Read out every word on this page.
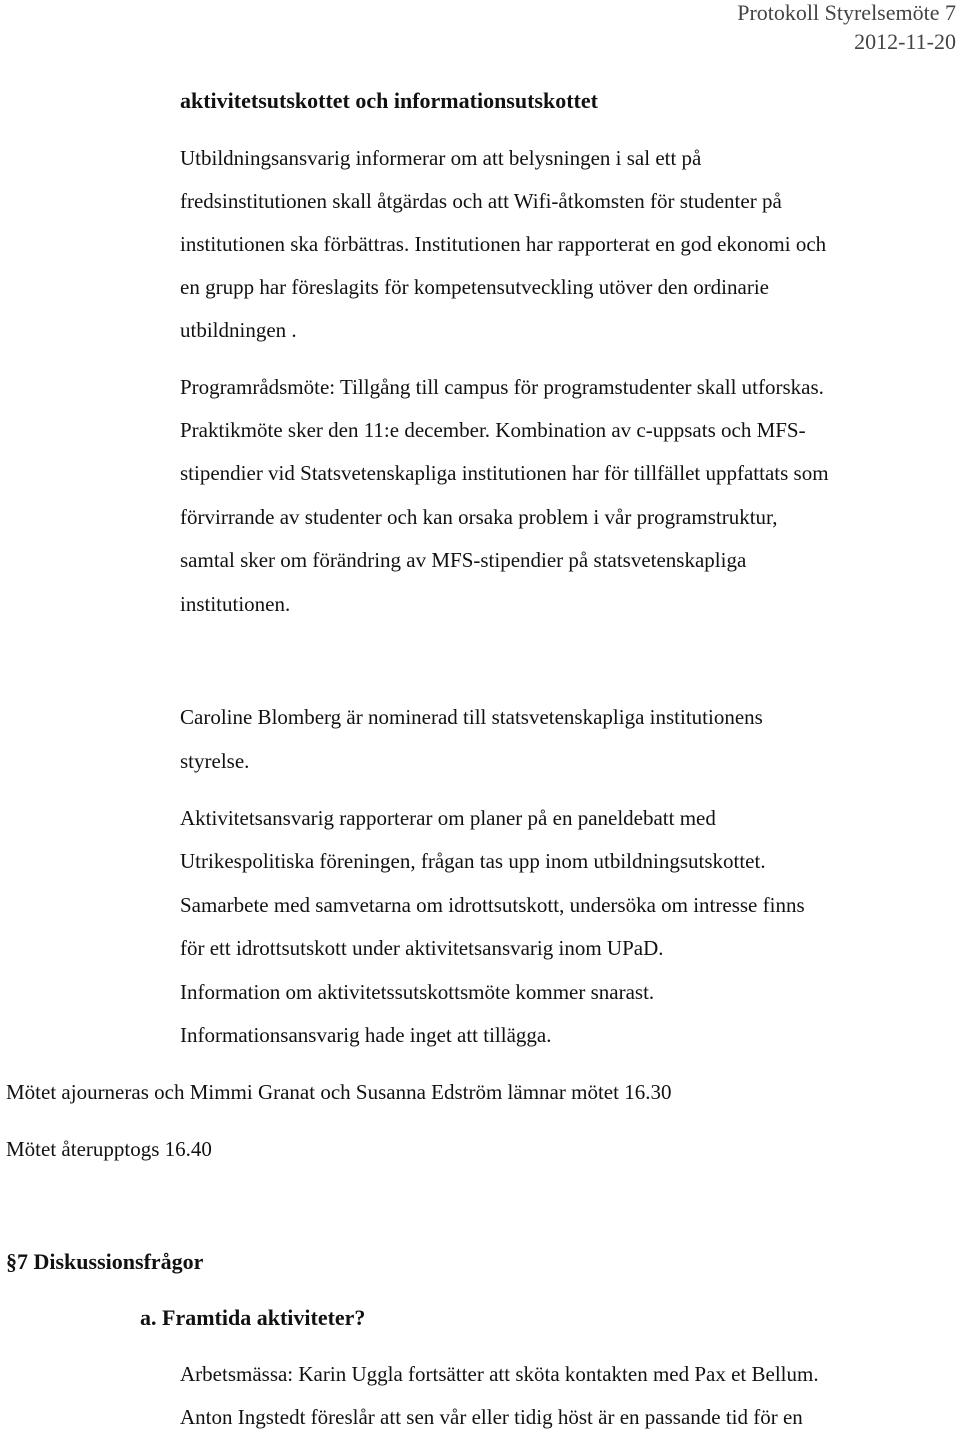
Protokoll Styrelsemöte 7
2012-11-20
aktivitetsutskottet och informationsutskottet
Utbildningsansvarig informerar om att belysningen i sal ett på
fredsinstitutionen skall åtgärdas och att Wifi-åtkomsten för studenter på
institutionen ska förbättras. Institutionen har rapporterat en god ekonomi och
en grupp har föreslagits för kompetensutveckling utöver den ordinarie
utbildningen .
Programrådsmöte: Tillgång till campus för programstudenter skall utforskas.
Praktikmöte sker den 11:e december. Kombination av c-uppsats och MFS-
stipendier vid Statsvetenskapliga institutionen har för tillfället uppfattats som
förvirrande av studenter och kan orsaka problem i vår programstruktur,
samtal sker om förändring av MFS-stipendier på statsvetenskapliga
institutionen.
Caroline Blomberg är nominerad till statsvetenskapliga institutionens
styrelse.
Aktivitetsansvarig rapporterar om planer på en paneldebatt med
Utrikespolitiska föreningen, frågan tas upp inom utbildningsutskottet.
Samarbete med samvetarna om idrottsutskott, undersöka om intresse finns
för ett idrottsutskott under aktivitetsansvarig inom UPaD.
Information om aktivitetssutskottsmöte kommer snarast.
Informationsansvarig hade inget att tillägga.
Mötet ajourneras och Mimmi Granat och Susanna Edström lämnar mötet 16.30
Mötet återupptogs 16.40
§7 Diskussionsfrågor
a. Framtida aktiviteter?
Arbetsmässa: Karin Uggla fortsätter att sköta kontakten med Pax et Bellum.
Anton Ingstedt föreslår att sen vår eller tidig höst är en passande tid för en
